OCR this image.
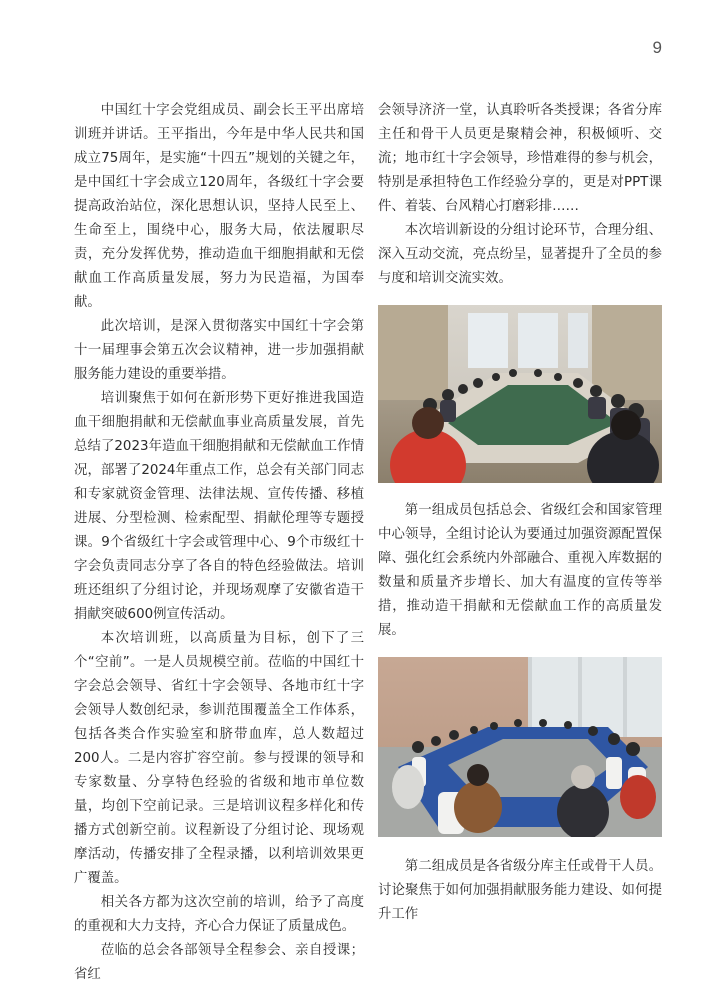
9

中国红十字会党组成员、副会长王平出席培训班并讲话。王平指出，今年是中华人民共和国成立75周年，是实施“十四五”规划的关键之年，是中国红十字会成立120周年，各级红十字会要提高政治站位，深化思想认识，坚持人民至上、生命至上，围绕中心，服务大局，依法履职尽责，充分发挥优势，推动造血干细胞捐献和无偿献血工作高质量发展，努力为民造福，为国奉献。

此次培训，是深入贯彻落实中国红十字会第十一届理事会第五次会议精神，进一步加强捐献服务能力建设的重要举措。

培训聚焦于如何在新形势下更好推进我国造血干细胞捐献和无偿献血事业高质量发展，首先总结了2023年造血干细胞捐献和无偿献血工作情况，部署了2024年重点工作，总会有关部门同志和专家就资金管理、法律法规、宣传传播、移植进展、分型检测、检索配型、捐献伦理等专题授课。9个省级红十字会或管理中心、9个市级红十字会负责同志分享了各自的特色经验做法。培训班还组织了分组讨论，并现场观摩了安徽省造干捐献突破600例宣传活动。

本次培训班，以高质量为目标，创下了三个“空前”。一是人员规模空前。莅临的中国红十字会总会领导、省红十字会领导、各地市红十字会领导人数创纪录，参训范围覆盖全工作体系，包括各类合作实验室和脐带血库，总人数超过200人。二是内容扩容空前。参与授课的领导和专家数量、分享特色经验的省级和地市单位数量，均创下空前记录。三是培训议程多样化和传播方式创新空前。议程新设了分组讨论、现场观摩活动，传播安排了全程录播，以利培训效果更广覆盖。

相关各方都为这次空前的培训，给予了高度的重视和大力支持，齐心合力保证了质量成色。

莅临的总会各部领导全程参会、亲自授课；省红

会领导济济一堂，认真聆听各类授课；各省分库主任和骨干人员更是聚精会神，积极倾听、交流；地市红十字会领导，珍惜难得的参与机会，特别是承担特色工作经验分享的，更是对PPT课件、着装、台风精心打磨彩排……

本次培训新设的分组讨论环节，合理分组、深入互动交流，亮点纷呈，显著提升了全员的参与度和培训交流实效。

第一组成员包括总会、省级红会和国家管理中心领导，全组讨论认为要通过加强资源配置保障、强化红会系统内外部融合、重视入库数据的数量和质量齐步增长、加大有温度的宣传等举措，推动造干捐献和无偿献血工作的高质量发展。

第二组成员是各省级分库主任或骨干人员。讨论聚焦于如何加强捐献服务能力建设、如何提升工作
